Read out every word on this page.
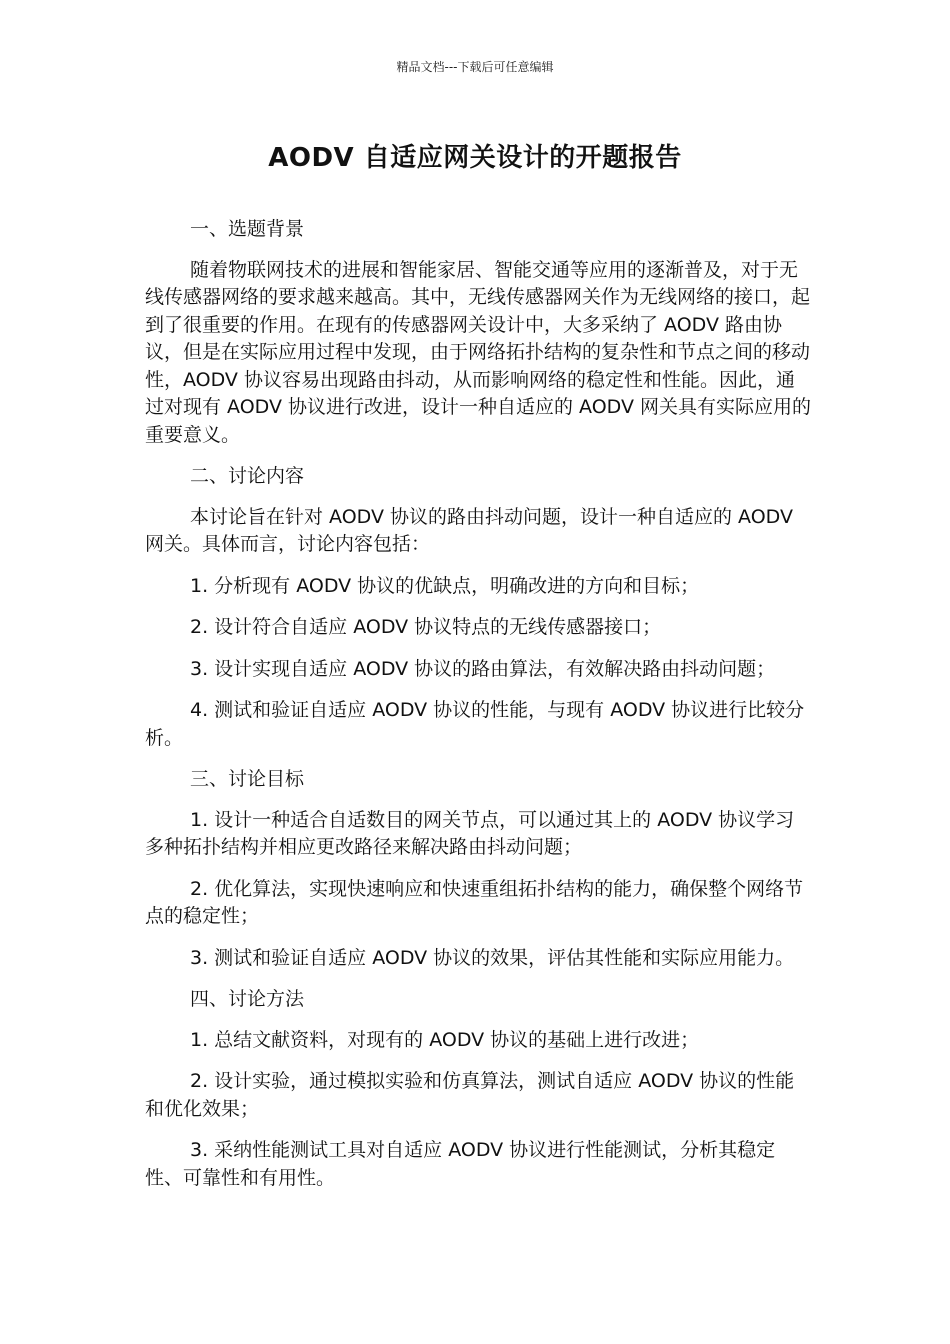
精品文档---下载后可任意编辑
AODV 自适应网关设计的开题报告

一、选题背景

随着物联网技术的进展和智能家居、智能交通等应用的逐渐普及，对于无线传感器网络的要求越来越高。其中，无线传感器网关作为无线网络的接口，起到了很重要的作用。在现有的传感器网关设计中，大多采纳了 AODV 路由协议，但是在实际应用过程中发现，由于网络拓扑结构的复杂性和节点之间的移动性，AODV 协议容易出现路由抖动，从而影响网络的稳定性和性能。因此，通过对现有 AODV 协议进行改进，设计一种自适应的 AODV 网关具有实际应用的重要意义。

二、讨论内容

本讨论旨在针对 AODV 协议的路由抖动问题，设计一种自适应的 AODV 网关。具体而言，讨论内容包括：

1. 分析现有 AODV 协议的优缺点，明确改进的方向和目标；

2. 设计符合自适应 AODV 协议特点的无线传感器接口；

3. 设计实现自适应 AODV 协议的路由算法，有效解决路由抖动问题；

4. 测试和验证自适应 AODV 协议的性能，与现有 AODV 协议进行比较分析。

三、讨论目标

1. 设计一种适合自适数目的网关节点，可以通过其上的 AODV 协议学习多种拓扑结构并相应更改路径来解决路由抖动问题；

2. 优化算法，实现快速响应和快速重组拓扑结构的能力，确保整个网络节点的稳定性；

3. 测试和验证自适应 AODV 协议的效果，评估其性能和实际应用能力。

四、讨论方法

1. 总结文献资料，对现有的 AODV 协议的基础上进行改进；

2. 设计实验，通过模拟实验和仿真算法，测试自适应 AODV 协议的性能和优化效果；

3. 采纳性能测试工具对自适应 AODV 协议进行性能测试，分析其稳定性、可靠性和有用性。
